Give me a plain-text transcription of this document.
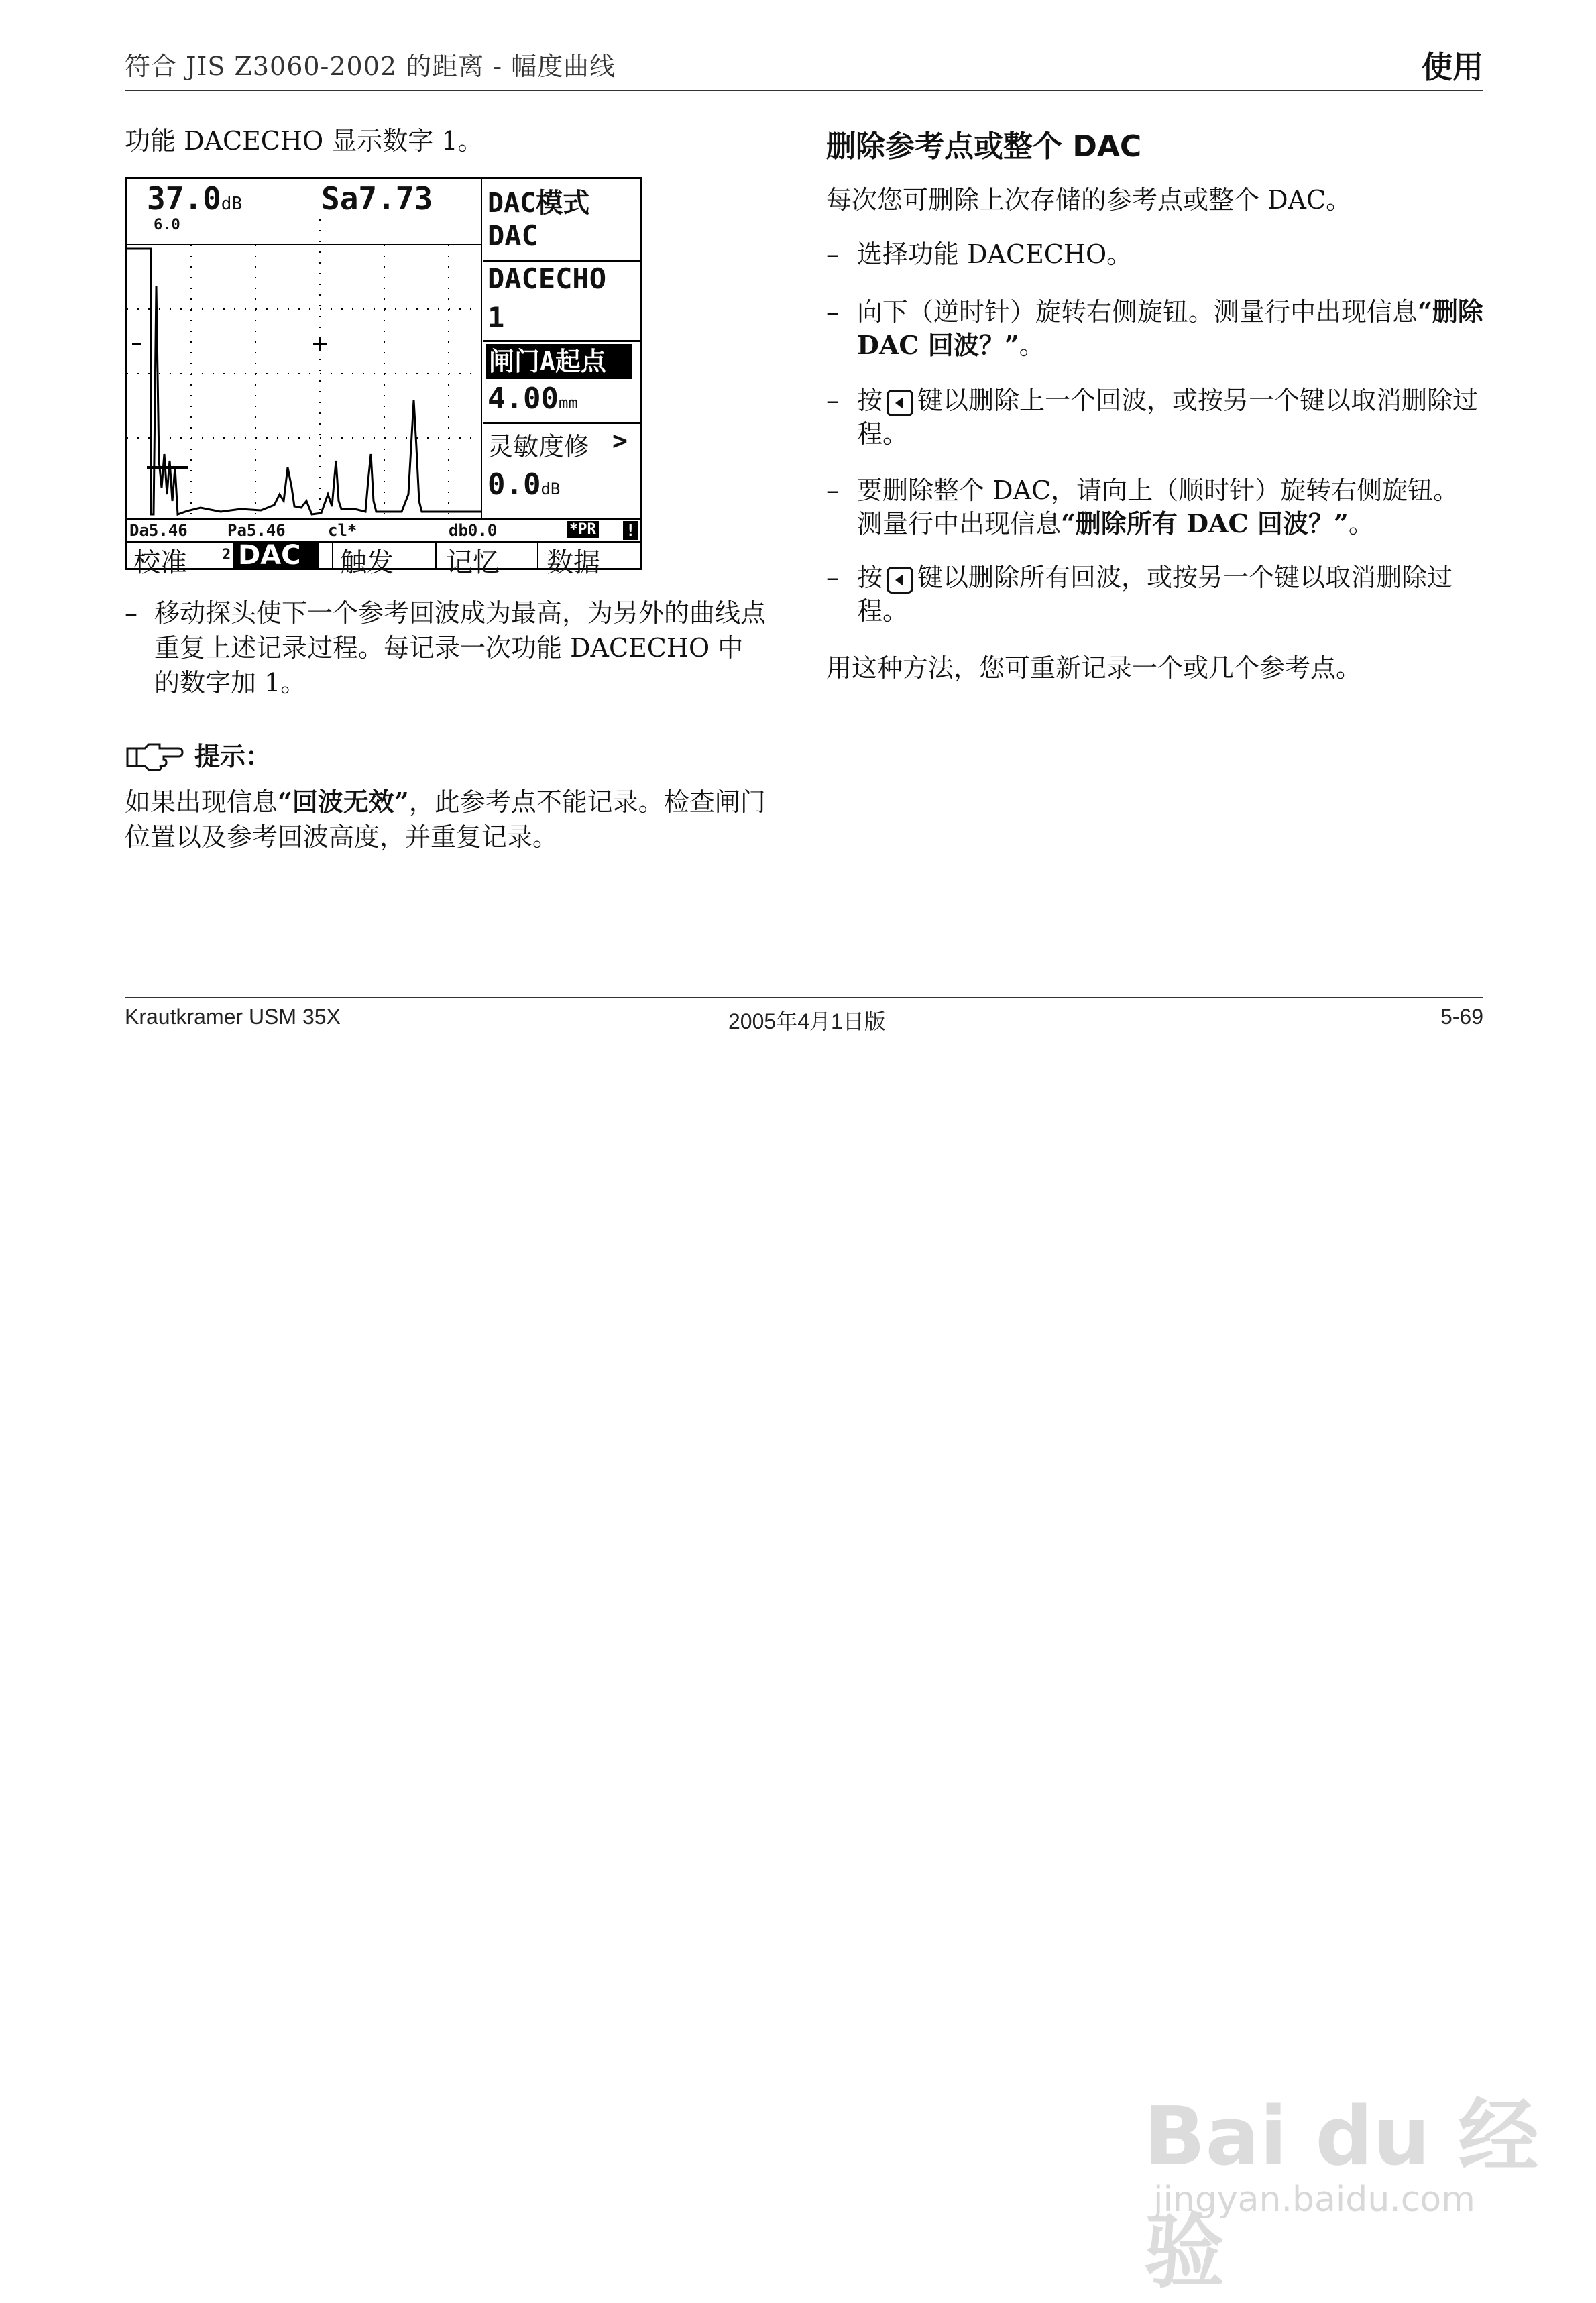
符合 JIS Z3060-2002 的距离 - 幅度曲线	使用
功能 DACECHO 显示数字 1。
37.0dB	Sa7.73
6.0
DAC模式
DAC
DACECHO
1
闸门A起点
4.00mm
灵敏度修 >
0.0dB
Da5.46 Pa5.46	cl*	db0.0	*PR !
校准 2 DAC	触发 记忆 数据
– 移动探头使下一个参考回波成为最高，为另外的曲线点重复上述记录过程。每记录一次功能 DACECHO 中的数字加 1。
提示：
如果出现信息“回波无效”，此参考点不能记录。检查闸门位置以及参考回波高度，并重复记录。
删除参考点或整个 DAC
每次您可删除上次存储的参考点或整个 DAC。
– 选择功能 DACECHO。
– 向下（逆时针）旋转右侧旋钮。测量行中出现信息“删除 DAC 回波？”。
– 按 键以删除上一个回波，或按另一个键以取消删除过程。
– 要删除整个 DAC，请向上（顺时针）旋转右侧旋钮。测量行中出现信息“删除所有 DAC 回波？”。
– 按 键以删除所有回波，或按另一个键以取消删除过程。
用这种方法，您可重新记录一个或几个参考点。
Krautkramer USM 35X	2005年4月1日版	5-69
Bai du 经验
jingyan.baidu.com
